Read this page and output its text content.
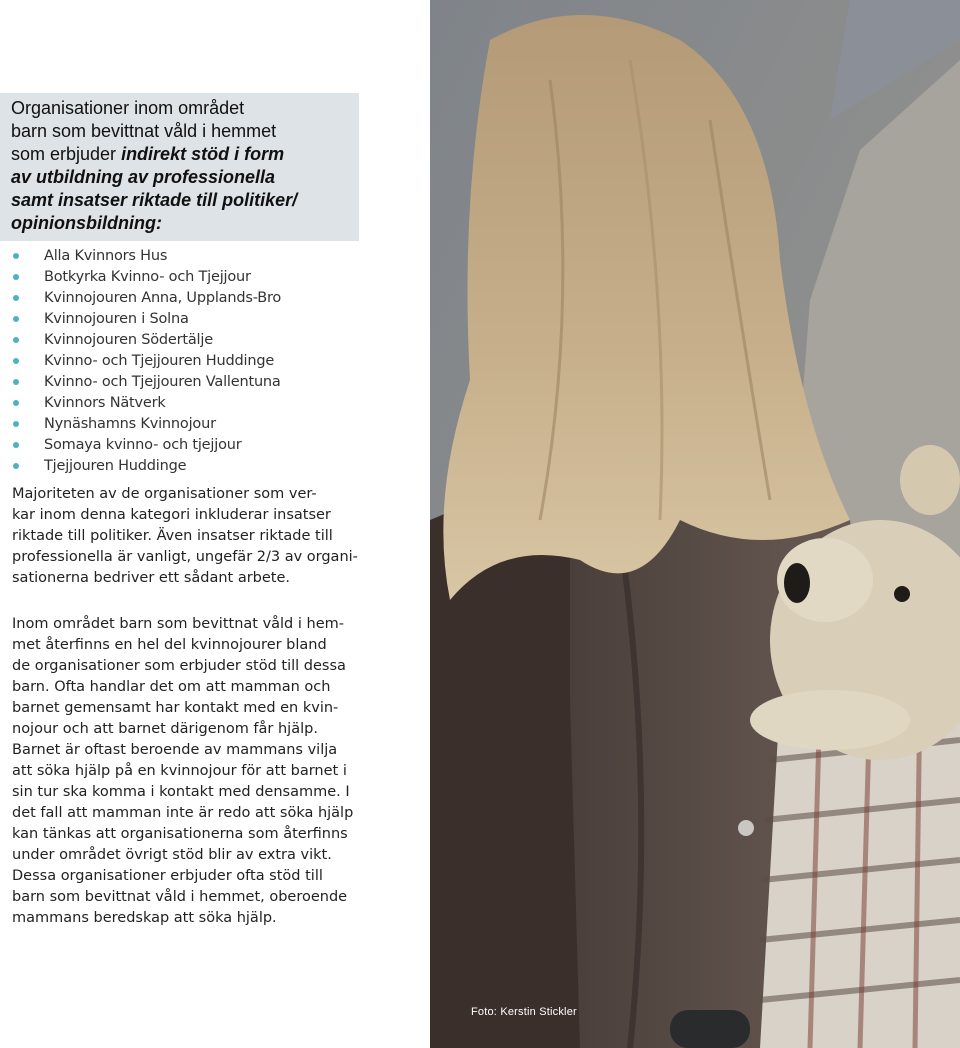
Organisationer inom området
barn som bevittnat våld i hemmet
som erbjuder indirekt stöd i form
av utbildning av professionella
samt insatser riktade till politiker/
opinionsbildning:
Alla Kvinnors Hus
Botkyrka Kvinno- och Tjejjour
Kvinnojouren Anna, Upplands-Bro
Kvinnojouren i Solna
Kvinnojouren Södertälje
Kvinno- och Tjejjouren Huddinge
Kvinno- och Tjejjouren Vallentuna
Kvinnors Nätverk
Nynäshamns Kvinnojour
Somaya kvinno- och tjejjour
Tjejjouren Huddinge

Majoriteten av de organisationer som ver-
kar inom denna kategori inkluderar insatser
riktade till politiker. Även insatser riktade till
professionella är vanligt, ungefär 2/3 av organi-
sationerna bedriver ett sådant arbete.

Inom området barn som bevittnat våld i hem-
met återfinns en hel del kvinnojourer bland
de organisationer som erbjuder stöd till dessa
barn. Ofta handlar det om att mamman och
barnet gemensamt har kontakt med en kvin-
nojour och att barnet därigenom får hjälp.
Barnet är oftast beroende av mammans vilja
att söka hjälp på en kvinnojour för att barnet i
sin tur ska komma i kontakt med densamme. I
det fall att mamman inte är redo att söka hjälp
kan tänkas att organisationerna som återfinns
under området övrigt stöd blir av extra vikt.
Dessa organisationer erbjuder ofta stöd till
barn som bevittnat våld i hemmet, oberoende
mammans beredskap att söka hjälp.

Foto: Kerstin Stickler
